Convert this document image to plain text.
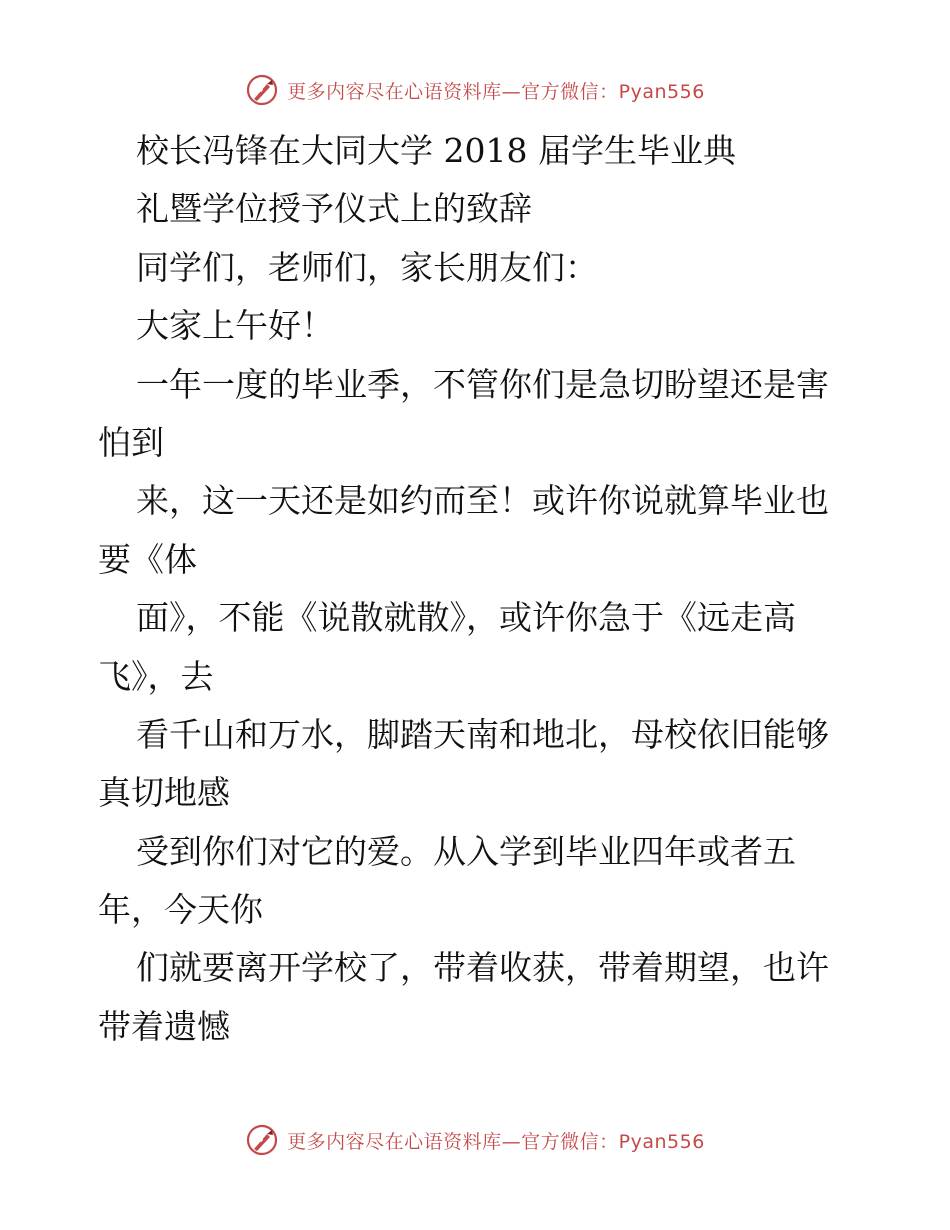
更多内容尽在心语资料库—官方微信：Pyan556
校长冯锋在大同大学 2018 届学生毕业典
礼暨学位授予仪式上的致辞
同学们，老师们，家长朋友们：
大家上午好！
一年一度的毕业季，不管你们是急切盼望还是害
怕到
来，这一天还是如约而至！或许你说就算毕业也
要《体
面》，不能《说散就散》，或许你急于《远走高
飞》，去
看千山和万水，脚踏天南和地北，母校依旧能够
真切地感
受到你们对它的爱。从入学到毕业四年或者五
年，今天你
们就要离开学校了，带着收获，带着期望，也许
带着遗憾
更多内容尽在心语资料库—官方微信：Pyan556
